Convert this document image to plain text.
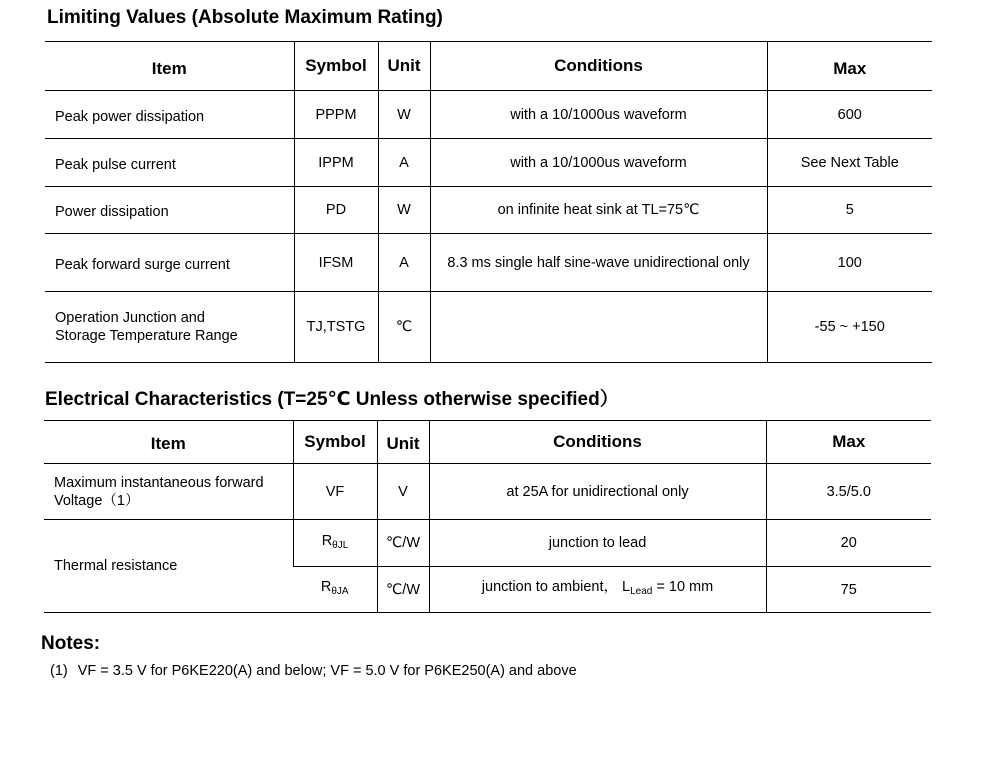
Limiting Values (Absolute Maximum Rating)
Item	Symbol	Unit	Conditions	Max
Peak power dissipation	PPPM	W	with a 10/1000us waveform	600
Peak pulse current	IPPM	A	with a 10/1000us waveform	See Next Table
Power dissipation	PD	W	on infinite heat sink at TL=75℃	5
Peak forward surge current	IFSM	A	8.3 ms single half sine-wave unidirectional only	100

Operation Junction and
Storage Temperature Range	TJ,TSTG	℃		-55 ~ +150
Electrical Characteristics (T=25℃ Unless otherwise specified）
Item	Symbol	Unit	Conditions	Max

Maximum instantaneous forward
Voltage（1）	VF	V	at 25A for unidirectional only	3.5/5.0
Thermal resistance	$R_{\theta JL}$	℃/W	junction to lead	20
	$R_{\theta JA}$	℃/W	junction to ambient， $L_{Lead} = 10$ mm	75
Notes:
(1) VF = 3.5 V for P6KE220(A) and below; VF = 5.0 V for P6KE250(A) and above
